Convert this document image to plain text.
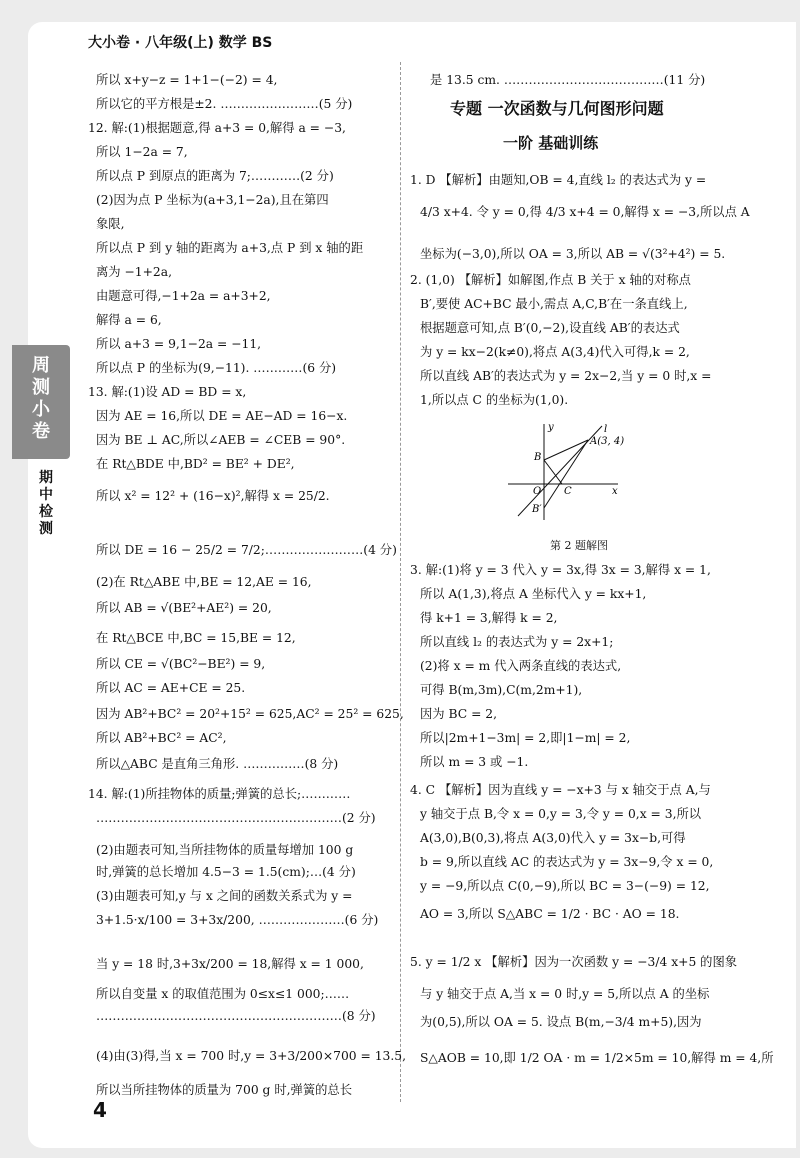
大小卷 · 八年级(上) 数学 BS
周测小卷
期中检测
所以 x+y−z = 1+1−(−2) = 4,
所以它的平方根是±2. ……………………(5 分)
12. 解:(1)根据题意,得 a+3 = 0,解得 a = −3,
所以 1−2a = 7,
所以点 P 到原点的距离为 7;…………(2 分)
(2)因为点 P 坐标为(a+3,1−2a),且在第四
象限,
所以点 P 到 y 轴的距离为 a+3,点 P 到 x 轴的距
离为 −1+2a,
由题意可得,−1+2a = a+3+2,
解得 a = 6,
所以 a+3 = 9,1−2a = −11,
所以点 P 的坐标为(9,−11). …………(6 分)
13. 解:(1)设 AD = BD = x,
因为 AE = 16,所以 DE = AE−AD = 16−x.
因为 BE ⊥ AC,所以∠AEB = ∠CEB = 90°.
在 Rt△BDE 中,BD² = BE² + DE²,
所以 x² = 12² + (16−x)²,解得 x = 25/2.
所以 DE = 16 − 25/2 = 7/2;……………………(4 分)
(2)在 Rt△ABE 中,BE = 12,AE = 16,
所以 AB = √(BE²+AE²) = 20,
在 Rt△BCE 中,BC = 15,BE = 12,
所以 CE = √(BC²−BE²) = 9,
所以 AC = AE+CE = 25.
因为 AB²+BC² = 20²+15² = 625,AC² = 25² = 625,
所以 AB²+BC² = AC²,
所以△ABC 是直角三角形. ……………(8 分)
14. 解:(1)所挂物体的质量;弹簧的总长;…………
……………………………………………………(2 分)
(2)由题表可知,当所挂物体的质量每增加 100 g
时,弹簧的总长增加 4.5−3 = 1.5(cm);…(4 分)
(3)由题表可知,y 与 x 之间的函数关系式为 y =
3+1.5·x/100 = 3+3x/200, …………………(6 分)
当 y = 18 时,3+3x/200 = 18,解得 x = 1 000,
所以自变量 x 的取值范围为 0≤x≤1 000;……
……………………………………………………(8 分)
(4)由(3)得,当 x = 700 时,y = 3+3/200×700 = 13.5,
所以当所挂物体的质量为 700 g 时,弹簧的总长
是 13.5 cm. …………………………………(11 分)
1. D 【解析】由题知,OB = 4,直线 l₂ 的表达式为 y =
4/3 x+4. 令 y = 0,得 4/3 x+4 = 0,解得 x = −3,所以点 A
坐标为(−3,0),所以 OA = 3,所以 AB = √(3²+4²) = 5.
2. (1,0) 【解析】如解图,作点 B 关于 x 轴的对称点
B′,要使 AC+BC 最小,需点 A,C,B′在一条直线上,
根据题意可知,点 B′(0,−2),设直线 AB′的表达式
为 y = kx−2(k≠0),将点 A(3,4)代入可得,k = 2,
所以直线 AB′的表达式为 y = 2x−2,当 y = 0 时,x =
1,所以点 C 的坐标为(1,0).
3. 解:(1)将 y = 3 代入 y = 3x,得 3x = 3,解得 x = 1,
所以 A(1,3),将点 A 坐标代入 y = kx+1,
得 k+1 = 3,解得 k = 2,
所以直线 l₂ 的表达式为 y = 2x+1;
(2)将 x = m 代入两条直线的表达式,
可得 B(m,3m),C(m,2m+1),
因为 BC = 2,
所以|2m+1−3m| = 2,即|1−m| = 2,
所以 m = 3 或 −1.
4. C 【解析】因为直线 y = −x+3 与 x 轴交于点 A,与
y 轴交于点 B,令 x = 0,y = 3,令 y = 0,x = 3,所以
A(3,0),B(0,3),将点 A(3,0)代入 y = 3x−b,可得
b = 9,所以直线 AC 的表达式为 y = 3x−9,令 x = 0,
y = −9,所以点 C(0,−9),所以 BC = 3−(−9) = 12,
AO = 3,所以 S△ABC = 1/2 · BC · AO = 18.
5. y = 1/2 x 【解析】因为一次函数 y = −3/4 x+5 的图象
与 y 轴交于点 A,当 x = 0 时,y = 5,所以点 A 的坐标
为(0,5),所以 OA = 5. 设点 B(m,−3/4 m+5),因为
S△AOB = 10,即 1/2 OA · m = 1/2×5m = 10,解得 m = 4,所
专题 一次函数与几何图形问题
一阶 基础训练
y	l
A(3, 4)
B
O C	x
B′
第 2 题解图
4
